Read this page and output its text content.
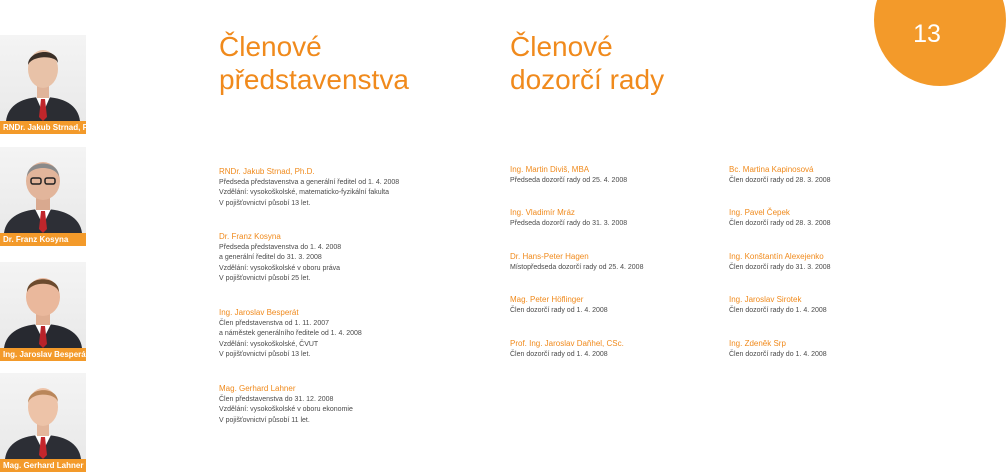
13
Členové
představenstva
Členové
dozorčí rady
RNDr. Jakub Strnad, Ph.D.
Dr. Franz Kosyna
Ing. Jaroslav Besperát
Mag. Gerhard Lahner
RNDr. Jakub Strnad, Ph.D.
Předseda představenstva a generální ředitel od 1. 4. 2008
Vzdělání: vysokoškolské, matematicko-fyzikální fakulta
V pojišťovnictví působí 13 let.
Dr. Franz Kosyna
Předseda představenstva do 1. 4. 2008
a generální ředitel do 31. 3. 2008
Vzdělání: vysokoškolské v oboru práva
V pojišťovnictví působí 25 let.
Ing. Jaroslav Besperát
Člen představenstva od 1. 11. 2007
a náměstek generálního ředitele od 1. 4. 2008
Vzdělání: vysokoškolské, ČVUT
V pojišťovnictví působí 13 let.
Mag. Gerhard Lahner
Člen představenstva do 31. 12. 2008
Vzdělání: vysokoškolské v oboru ekonomie
V pojišťovnictví působí 11 let.
Ing. Martin Diviš, MBA
Předseda dozorčí rady od 25. 4. 2008
Ing. Vladimír Mráz
Předseda dozorčí rady do 31. 3. 2008
Dr. Hans-Peter Hagen
Místopředseda dozorčí rady od 25. 4. 2008
Mag. Peter Höflinger
Člen dozorčí rady od 1. 4. 2008
Prof. Ing. Jaroslav Daňhel, CSc.
Člen dozorčí rady od 1. 4. 2008
Bc. Martina Kapinosová
Člen dozorčí rady od 28. 3. 2008
Ing. Pavel Čepek
Člen dozorčí rady od 28. 3. 2008
Ing. Konštantín Alexejenko
Člen dozorčí rady do 31. 3. 2008
Ing. Jaroslav Sirotek
Člen dozorčí rady do 1. 4. 2008
Ing. Zdeněk Srp
Člen dozorčí rady do 1. 4. 2008
